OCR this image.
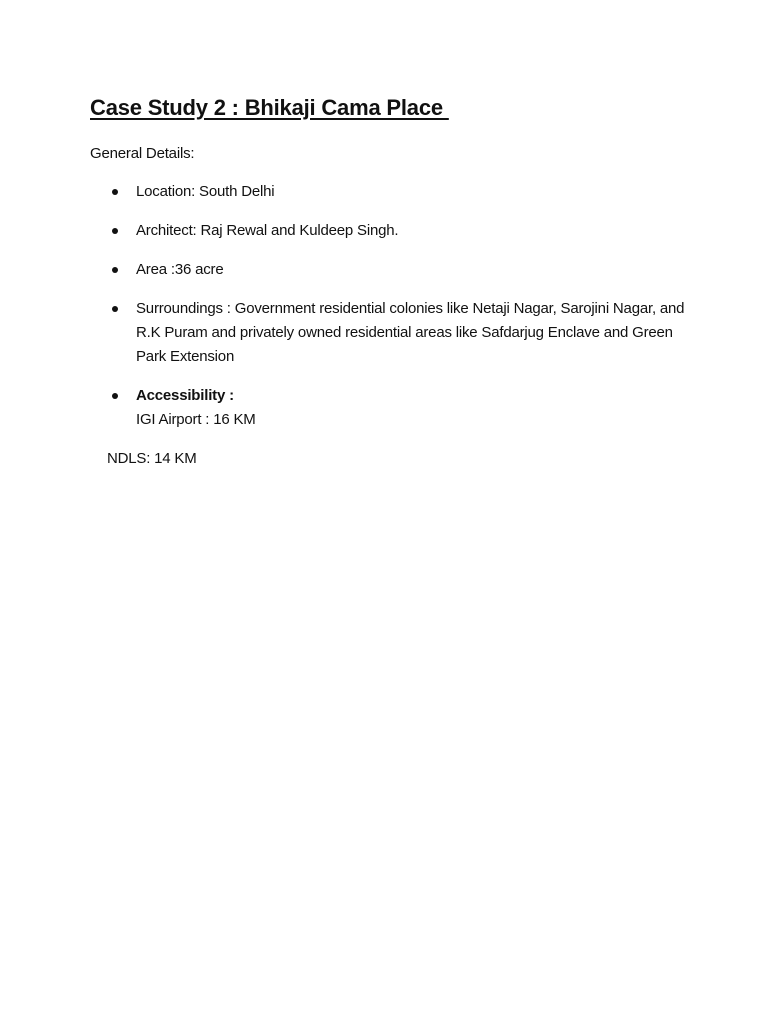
Case Study 2 : Bhikaji Cama Place
General Details:
Location: South Delhi
Architect: Raj Rewal and Kuldeep Singh.
Area :36 acre
Surroundings : Government residential colonies like Netaji Nagar, Sarojini Nagar, and R.K Puram and privately owned residential areas like Safdarjug Enclave and Green Park Extension
Accessibility :
IGI Airport : 16 KM
NDLS: 14 KM
